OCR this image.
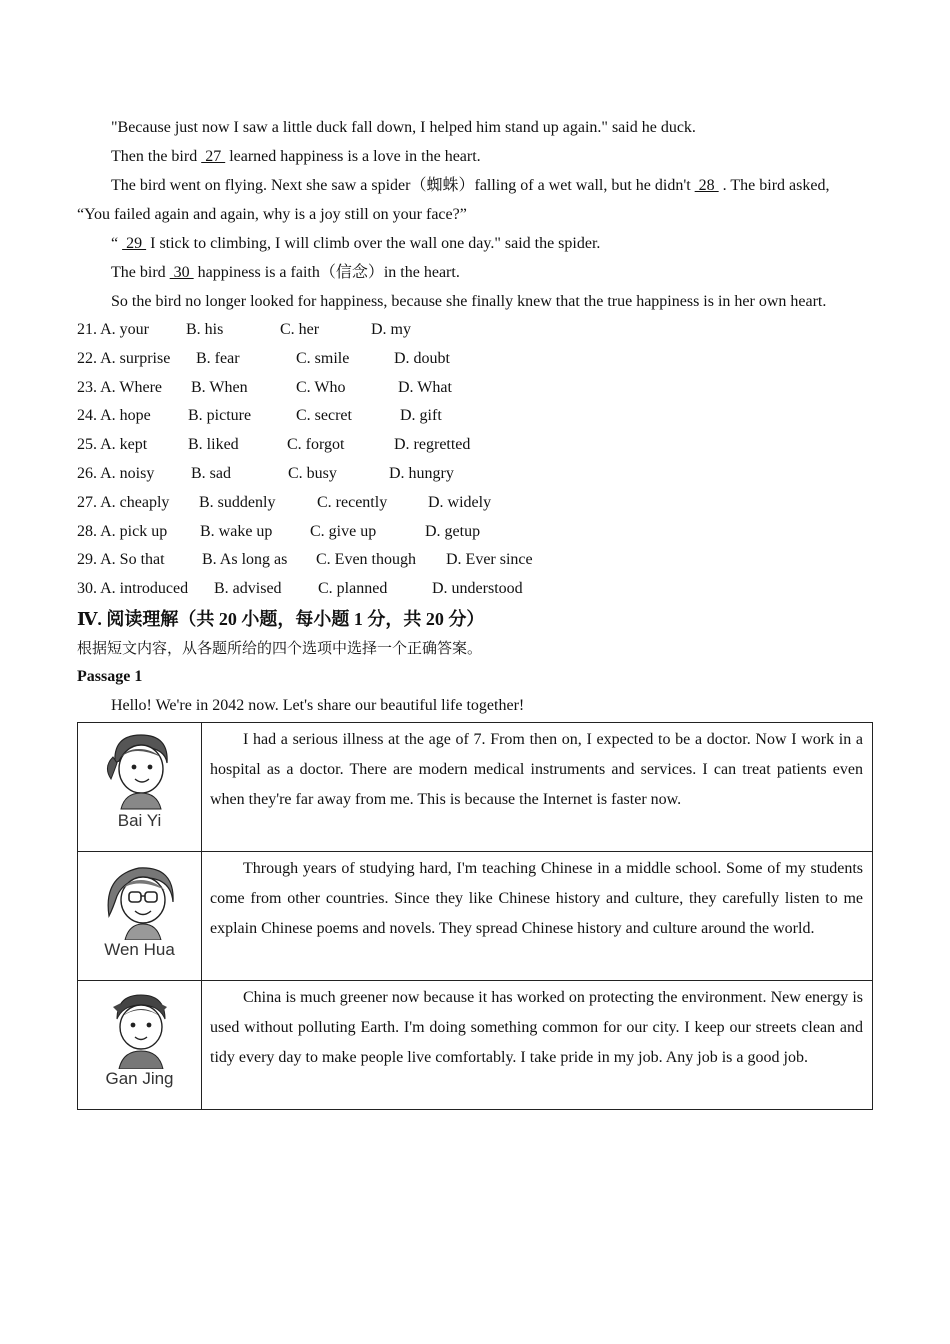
"Because just now I saw a little duck fall down, I helped him stand up again." said he duck.

Then the bird  27  learned happiness is a love in the heart.

The bird went on flying. Next she saw a spider（蜘蛛）falling of a wet wall, but he didn't  28  . The bird asked,

“You failed again and again, why is a joy still on your face?”

“  29  I stick to climbing, I will climb over the wall one day." said the spider.

The bird  30  happiness is a faith（信念）in the heart.

So the bird no longer looked for happiness, because she finally knew that the true happiness is in her own heart.

21. A. your B. his	C. her	D. my
22. A. surprise B. fear	C. smile	D. doubt
23. A. Where B. When	C. Who	D. What
24. A. hope B. picture	C. secret	D. gift
25. A. kept	B. liked	C. forgot	D. regretted
26. A. noisy B. sad	C. busy	D. hungry
27. A. cheaply B. suddenly	C. recently	D. widely
28. A. pick up B. wake up C. give up	D. getup
29. A. So that B. As long as C. Even though D. Ever since
30. A. introduced B. advised C. planned	D. understood
Ⅳ. 阅读理解（共 20 小题，每小题 1 分，共 20 分）
根据短文内容，从各题所给的四个选项中选择一个正确答案。
Passage 1

Hello! We're in 2042 now. Let's share our beautiful life together!

Bai Yi	I had a serious illness at the age of 7. From then on, I expected to be a doctor. Now I work in a hospital as a doctor. There are modern medical instruments and services. I can treat patients even when they're far away from me. This is because the Internet is faster now.

Wen Hua	Through years of studying hard, I'm teaching Chinese in a middle school. Some of my students come from other countries. Since they like Chinese history and culture, they carefully listen to me explain Chinese poems and novels. They spread Chinese history and culture around the world.

Gan Jing	China is much greener now because it has worked on protecting the environment. New energy is used without polluting Earth. I'm doing something common for our city. I keep our streets clean and tidy every day to make people live comfortably. I take pride in my job. Any job is a good job.
